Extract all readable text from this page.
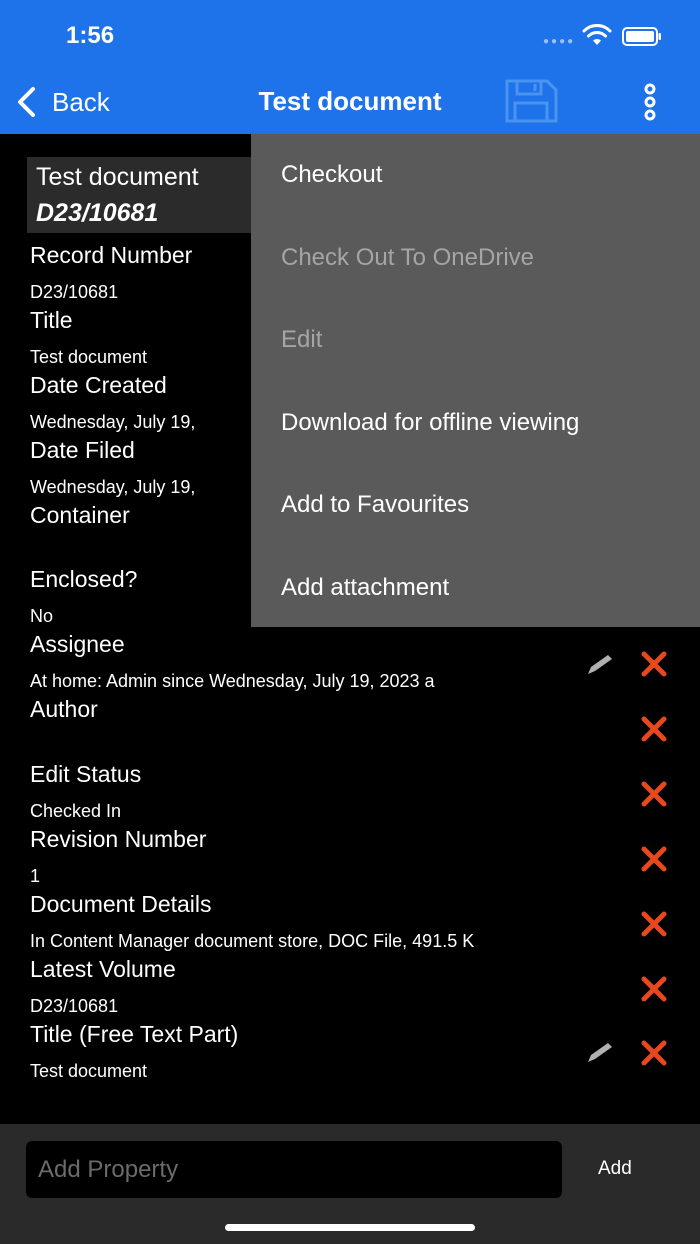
1:56	●●●●
Back	Test document
Test document
D23/10681
Record Number
D23/10681
Title
Test document
Date Created
Wednesday, July 19,
Date Filed
Wednesday, July 19,
Container
Enclosed?
No
Assignee
At home: Admin since Wednesday, July 19, 2023 a
Author
Edit Status
Checked In
Revision Number
1
Document Details
In Content Manager document store, DOC File, 491.5 K
Latest Volume
D23/10681
Title (Free Text Part)
Test document
Checkout
Check Out To OneDrive
Edit
Download for offline viewing
Add to Favourites
Add attachment
Add Property
Add
